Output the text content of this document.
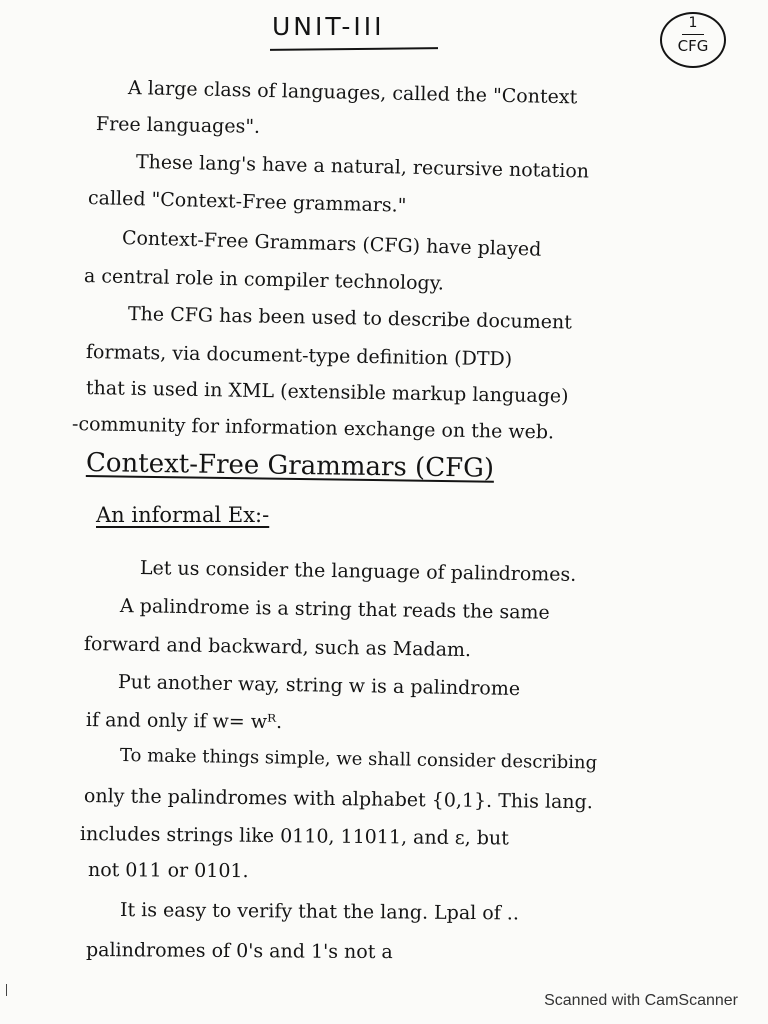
UNIT-III	1
CFG
A large class of languages, called the "Context
Free languages".
These lang's have a natural, recursive notation
called "Context-Free grammars."
Context-Free Grammars (CFG) have played
a central role in compiler technology.
The CFG has been used to describe document
formats, via document-type definition (DTD)
that is used in XML (extensible markup language)
-community for information exchange on the web.
Context-Free Grammars (CFG)
An informal Ex:-
Let us consider the language of palindromes.
A palindrome is a string that reads the same
forward and backward, such as Madam.
Put another way, string w is a palindrome
if and only if w= wᴿ.
To make things simple, we shall consider describing
only the palindromes with alphabet {0,1}. This lang.
includes strings like 0110, 11011, and ε, but
not 011 or 0101.
It is easy to verify that the lang. Lpal of ..
palindromes of 0's and 1's not a
Scanned with CamScanner
